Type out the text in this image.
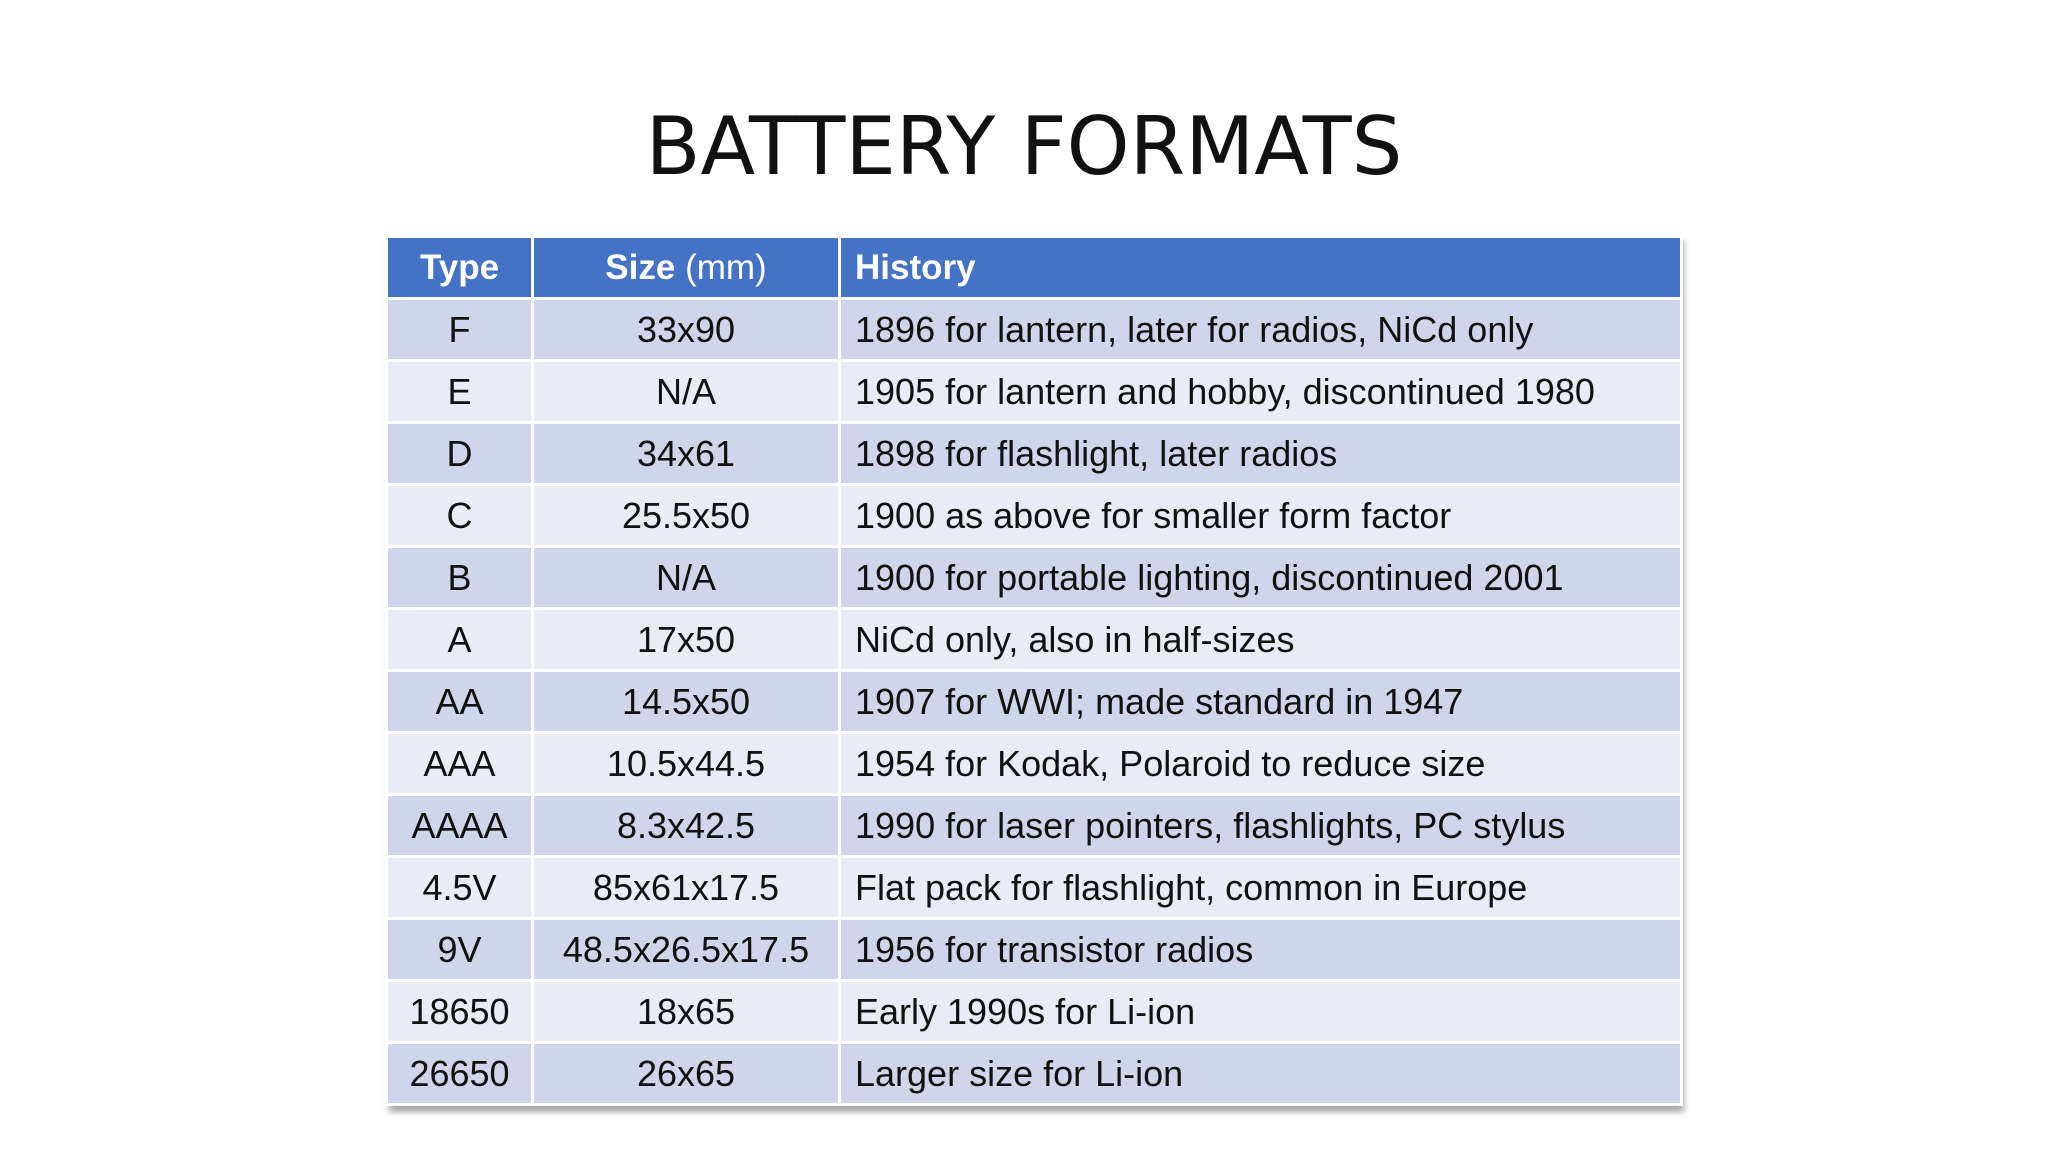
BATTERY FORMATS
Type	Size (mm)	History
F	33x90	1896 for lantern, later for radios, NiCd only
E	N/A	1905 for lantern and hobby, discontinued 1980
D	34x61	1898 for flashlight, later radios
C	25.5x50	1900 as above for smaller form factor
B	N/A	1900 for portable lighting, discontinued 2001
A	17x50	NiCd only, also in half-sizes
AA	14.5x50	1907 for WWI; made standard in 1947
AAA	10.5x44.5	1954 for Kodak, Polaroid to reduce size
AAAA	8.3x42.5	1990 for laser pointers, flashlights, PC stylus
4.5V	85x61x17.5	Flat pack for flashlight, common in Europe
9V	48.5x26.5x17.5	1956 for transistor radios
18650	18x65	Early 1990s for Li-ion
26650	26x65	Larger size for Li-ion
